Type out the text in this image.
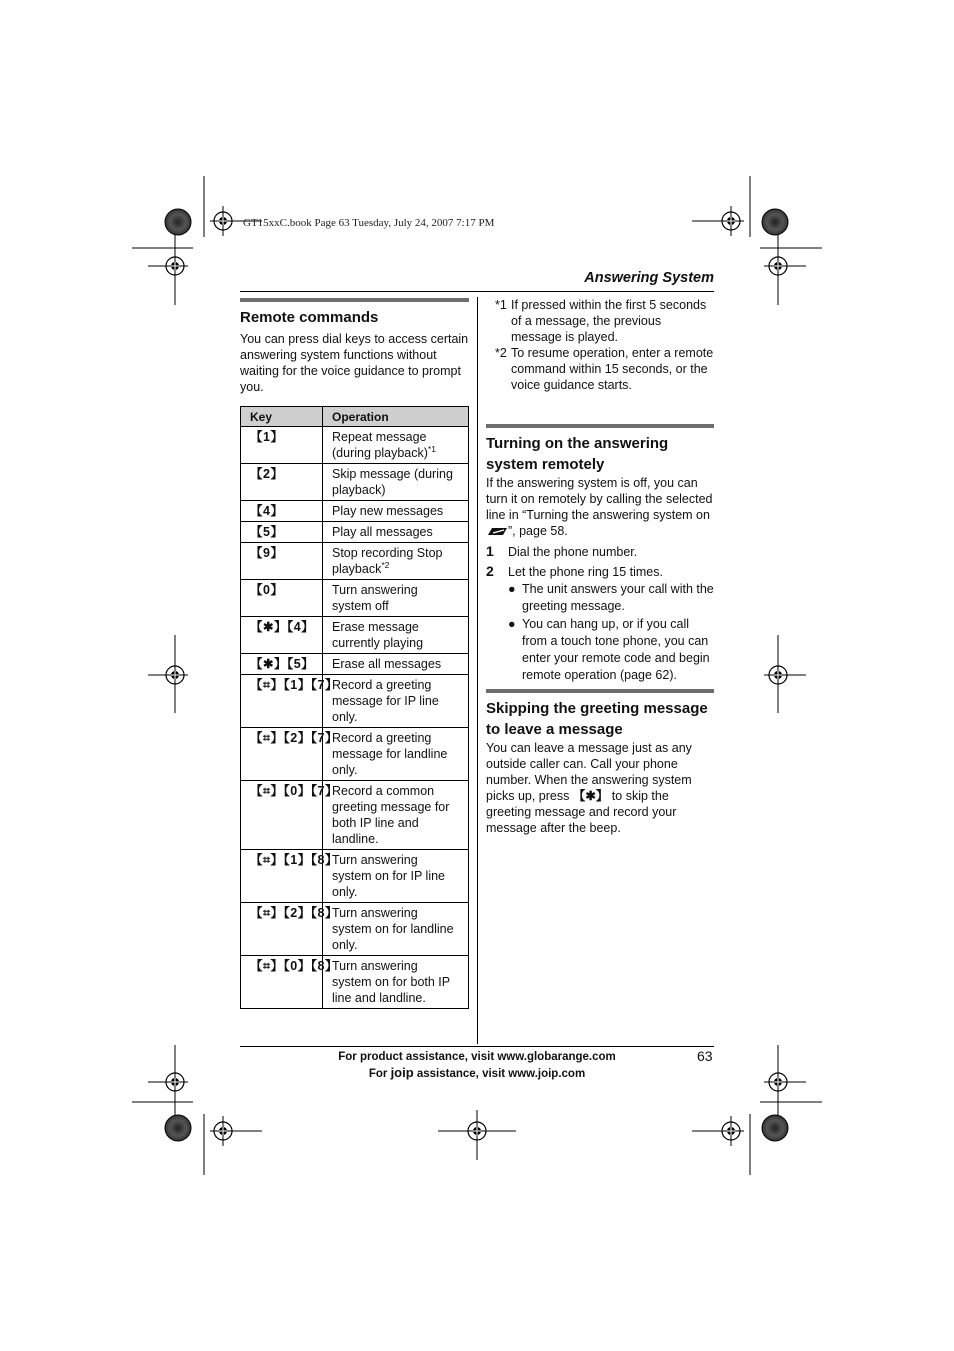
GT15xxC.book Page 63 Tuesday, July 24, 2007 7:17 PM
Answering System
Remote commands

You can press dial keys to access certain answering system functions without waiting for the voice guidance to prompt you.

Key	Operation
【1】	Repeat message (during playback)$^{*1}$
【2】	Skip message (during playback)
【4】	Play new messages
【5】	Play all messages
【9】	Stop recording Stop playback$^{*2}$
【0】	Turn answering system off
【✱】【4】	Erase message currently playing
【✱】【5】	Erase all messages
【⌗】【1】【7】	Record a greeting message for IP line only.
【⌗】【2】【7】	Record a greeting message for landline only.
【⌗】【0】【7】	Record a common greeting message for both IP line and landline.
【⌗】【1】【8】	Turn answering system on for IP line only.
【⌗】【2】【8】	Turn answering system on for landline only.
【⌗】【0】【8】	Turn answering system on for both IP line and landline.
*1 If pressed within the first 5 seconds of a message, the previous message is played.
*2 To resume operation, enter a remote command within 15 seconds, or the voice guidance starts.
Turning on the answering system remotely

If the answering system is off, you can turn it on remotely by calling the selected line in “Turning the answering system on ”, page 58.

1	Dial the phone number.
2	Let the phone ring 15 times.
● The unit answers your call with the greeting message.
● You can hang up, or if you call from a touch tone phone, you can enter your remote code and begin remote operation (page 62).
Skipping the greeting message to leave a message

You can leave a message just as any outside caller can. Call your phone number. When the answering system picks up, press 【✱】 to skip the greeting message and record your message after the beep.

For product assistance, visit www.globarange.com
For joip assistance, visit www.joip.com
63
